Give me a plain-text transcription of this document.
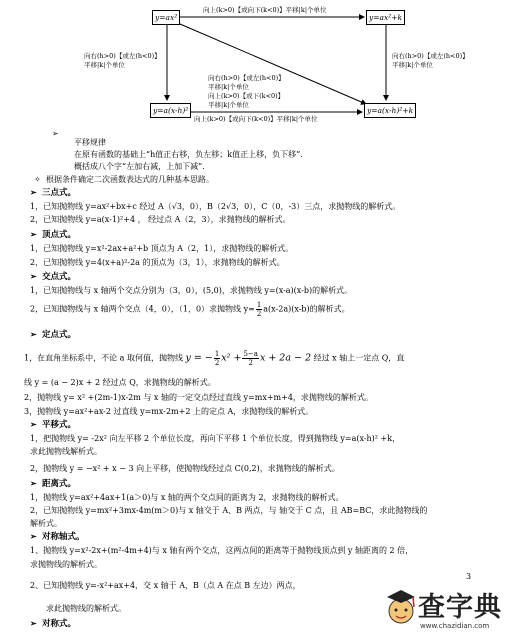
y=ax²	y=ax²+k
y=a(x-h)²	y=a(x-h)²+k
向上(k>0)【或向下(k<0)】平移|k|个单位
向上(k>0)【或向下(k<0)】平移|k|个单位
向右(h>0)【或左(h<0)】
平移|k|个单位
向右(h>0)【或左(h<0)】
平移|k|个单位
向右(h>0)【或左(h<0)】
平移|k|个单位
向上(k>0)【或下(k<0)】
平移|k|个单位
➢
平移规律
在原有函数的基础上“h值正右移，负左移；k值正上移，负下移”.
概括成八个字“左加右减，上加下减”.
✧ 根据条件确定二次函数表达式的几种基本思路。
➢ 三点式。
1，已知抛物线 y=ax²+bx+c 经过 A（√3，0），B（2√3，0），C（0，-3）三点，求抛物线的解析式。
2，已知抛物线 y=a(x-1)²+4 ， 经过点 A（2，3），求抛物线的解析式。
➢ 顶点式。
1，已知抛物线 y=x²-2ax+a²+b 顶点为 A（2，1），求抛物线的解析式。
2，已知抛物线 y=4(x+a)²-2a 的顶点为（3，1），求抛物线的解析式。
➢ 交点式。
1，已知抛物线与 x 轴两个交点分别为（3，0），(5,0)，求抛物线 y=(x-a)(x-b)的解析式。
2，已知抛物线与 x 轴两个交点（4，0），（1，0）求抛物线 $y= \frac{1}{2} a(x-2a)(x-b)$的解析式。
➢ 定点式。
1，在直角坐标系中，不论 a 取何值，抛物线 y = − $\frac{1}{2} x^2 + \frac{5-a}{2}$ x + 2a − 2 经过 x 轴上一定点 Q，直
线 y = (a − 2)x + 2 经过点 Q，求抛物线的解析式。
2，抛物线 y= x² +(2m-1)x-2m 与 x 轴的一定交点经过直线 y=mx+m+4，求抛物线的解析式。
3，抛物线 y=ax²+ax-2 过直线 y=mx-2m+2 上的定点 A，求抛物线的解析式。
➢ 平移式。
1，把抛物线 y= -2x² 向左平移 2 个单位长度，再向下平移 1 个单位长度，得到抛物线 y=a(x-h)² +k，
求此抛物线解析式。
2，抛物线 y = −x² + x − 3 向上平移，使抛物线经过点 C(0,2)，求抛物线的解析式。
➢ 距离式。
1，抛物线 y=ax²+4ax+1(a＞0)与 x 轴的两个交点间的距离为 2，求抛物线的解析式。
2，已知抛物线 y=mx²+3mx-4m(m＞0)与 x 轴交于 A、B 两点，与 轴交于 C 点，且 AB=BC，求此抛物线的
解析式。
➢ 对称轴式。
1、抛物线 y=x²-2x+(m²-4m+4)与 x 轴有两个交点，这两点间的距离等于抛物线顶点到 y 轴距离的 2 倍，
求抛物线的解析式。
2、已知抛物线 y=-x²+ax+4，交 x 轴于 A，B（点 A 在点 B 左边）两点，
求此抛物线的解析式。
➢ 对称式。
3
查字典
www.chazidian.com
